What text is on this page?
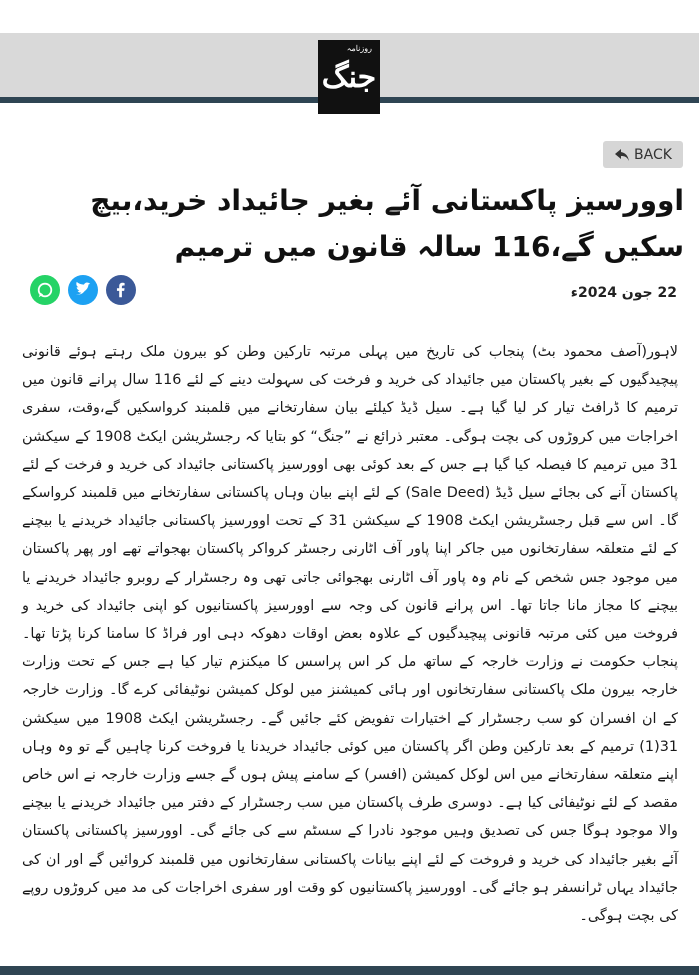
روزنامہ
جنگ
BACK
اوورسیز پاکستانی آئے بغیر جائیداد خرید،بیچ سکیں گے،116 سالہ قانون میں ترمیم
22 جون 2024ء

لاہور(آصف محمود بٹ) پنجاب کی تاریخ میں پہلی مرتبہ تارکین وطن کو بیرون ملک رہتے ہوئے قانونی پیچیدگیوں کے بغیر پاکستان میں جائیداد کی خرید و فرخت کی سہولت دینے کے لئے 116 سال پرانے قانون میں ترمیم کا ڈرافٹ تیار کر لیا گیا ہے۔ سیل ڈیڈ کیلئے بیان سفارتخانے میں قلمبند کرواسکیں گے،وقت، سفری اخراجات میں کروڑوں کی بچت ہوگی۔ معتبر ذرائع نے ”جنگ“ کو بتایا کہ رجسٹریشن ایکٹ 1908 کے سیکشن 31 میں ترمیم کا فیصلہ کیا گیا ہے جس کے بعد کوئی بھی اوورسیز پاکستانی جائیداد کی خرید و فرخت کے لئے پاکستان آنے کی بجائے سیل ڈیڈ (Sale Deed) کے لئے اپنے بیان وہاں پاکستانی سفارتخانے میں قلمبند کرواسکے گا۔ اس سے قبل رجسٹریشن ایکٹ 1908 کے سیکشن 31 کے تحت اوورسیز پاکستانی جائیداد خریدنے یا بیچنے کے لئے متعلقہ سفارتخانوں میں جاکر اپنا پاور آف اٹارنی رجسٹر کرواکر پاکستان بھجواتے تھے اور پھر پاکستان میں موجود جس شخص کے نام وہ پاور آف اٹارنی بھجوائی جاتی تھی وہ رجسٹرار کے روبرو جائیداد خریدنے یا بیچنے کا مجاز مانا جاتا تھا۔ اس پرانے قانون کی وجہ سے اوورسیز پاکستانیوں کو اپنی جائیداد کی خرید و فروخت میں کئی مرتبہ قانونی پیچیدگیوں کے علاوہ بعض اوقات دھوکہ دہی اور فراڈ کا سامنا کرنا پڑتا تھا۔ پنجاب حکومت نے وزارت خارجہ کے ساتھ مل کر اس پراسس کا میکنزم تیار کیا ہے جس کے تحت وزارت خارجہ بیرون ملک پاکستانی سفارتخانوں اور ہائی کمیشنز میں لوکل کمیشن نوٹیفائی کرے گا۔ وزارت خارجہ کے ان افسران کو سب رجسٹرار کے اختیارات تفویض کئے جائیں گے۔ رجسٹریشن ایکٹ 1908 میں سیکشن 31(1) ترمیم کے بعد تارکین وطن اگر پاکستان میں کوئی جائیداد خریدنا یا فروخت کرنا چاہیں گے تو وہ وہاں اپنے متعلقہ سفارتخانے میں اس لوکل کمیشن (افسر) کے سامنے پیش ہوں گے جسے وزارت خارجہ نے اس خاص مقصد کے لئے نوٹیفائی کیا ہے۔ دوسری طرف پاکستان میں سب رجسٹرار کے دفتر میں جائیداد خریدنے یا بیچنے والا موجود ہوگا جس کی تصدیق وہیں موجود نادرا کے سسٹم سے کی جائے گی۔ اوورسیز پاکستانی پاکستان آئے بغیر جائیداد کی خرید و فروخت کے لئے اپنے بیانات پاکستانی سفارتخانوں میں قلمبند کروائیں گے اور ان کی جائیداد یہاں ٹرانسفر ہو جائے گی۔ اوورسیز پاکستانیوں کو وقت اور سفری اخراجات کی مد میں کروڑوں روپے کی بچت ہوگی۔
